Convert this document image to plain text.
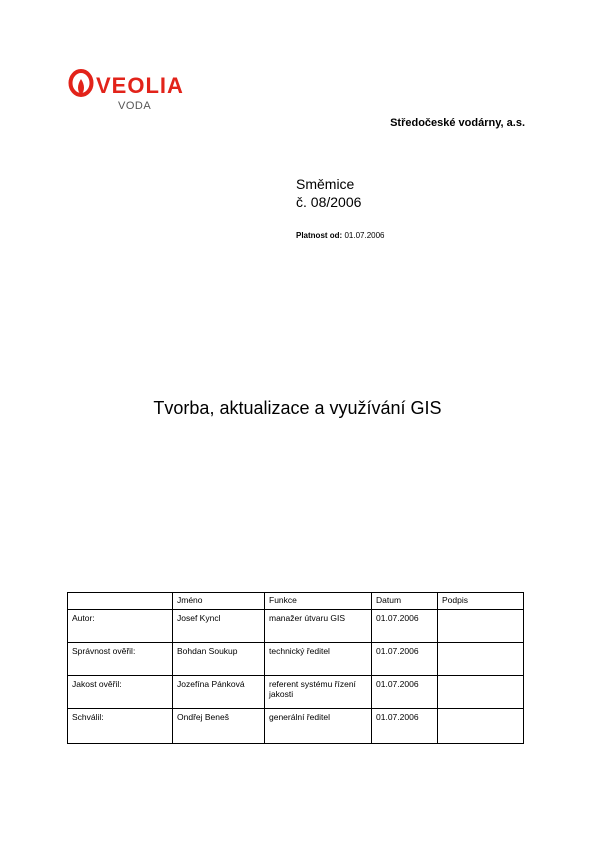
VEOLIA
VODA
Středočeské vodárny, a.s.
Směmice
č. 08/2006
Platnost od: 01.07.2006
Tvorba, aktualizace a využívání GIS
	Jméno	Funkce	Datum	Podpis
Autor:	Josef Kyncl	manažer útvaru GIS	01.07.2006	
Správnost ověřil:	Bohdan Soukup	technický ředitel	01.07.2006	
Jakost ověřil:	Jozefína Pánková	referent systému řízení jakosti	01.07.2006	
Schválil:	Ondřej Beneš	generální ředitel	01.07.2006	
